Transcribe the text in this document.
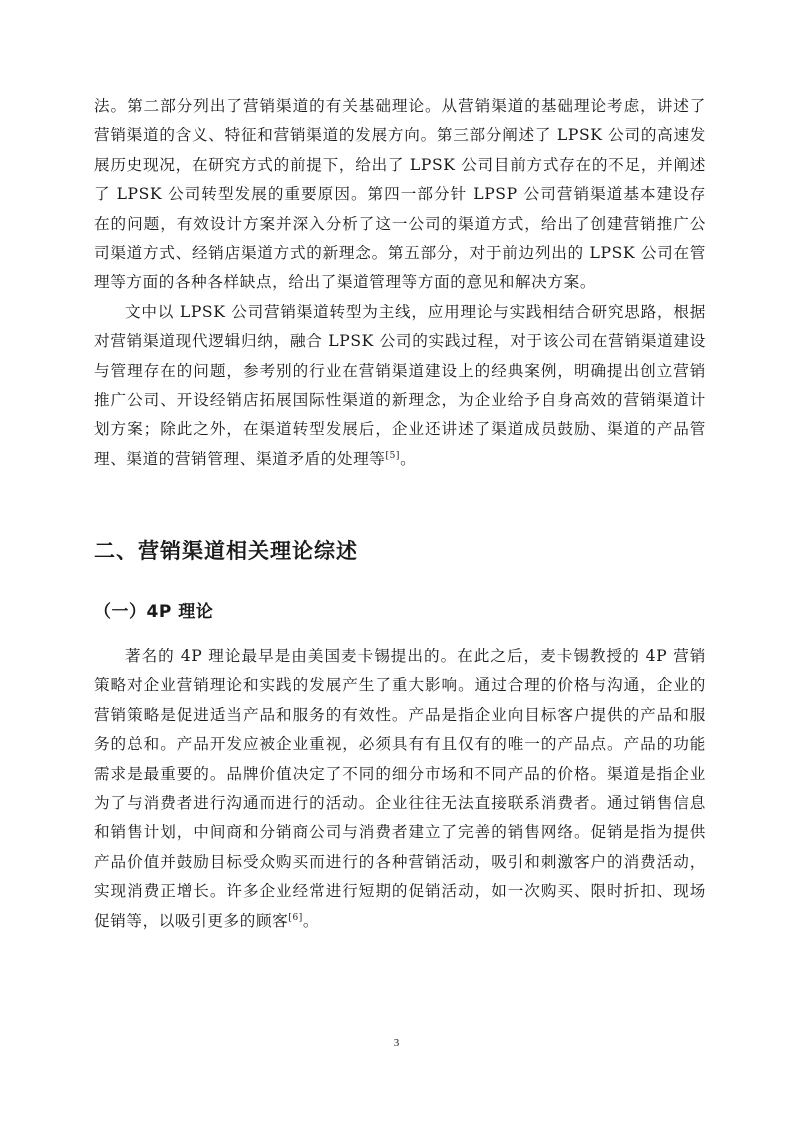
法。第二部分列出了营销渠道的有关基础理论。从营销渠道的基础理论考虑，讲述了营销渠道的含义、特征和营销渠道的发展方向。第三部分阐述了 LPSK 公司的高速发展历史现况，在研究方式的前提下，给出了 LPSK 公司目前方式存在的不足，并阐述了 LPSK 公司转型发展的重要原因。第四一部分针 LPSP 公司营销渠道基本建设存在的问题，有效设计方案并深入分析了这一公司的渠道方式，给出了创建营销推广公司渠道方式、经销店渠道方式的新理念。第五部分，对于前边列出的 LPSK 公司在管理等方面的各种各样缺点，给出了渠道管理等方面的意见和解决方案。

文中以 LPSK 公司营销渠道转型为主线，应用理论与实践相结合研究思路，根据对营销渠道现代逻辑归纳，融合 LPSK 公司的实践过程，对于该公司在营销渠道建设与管理存在的问题，参考别的行业在营销渠道建设上的经典案例，明确提出创立营销推广公司、开设经销店拓展国际性渠道的新理念，为企业给予自身高效的营销渠道计划方案；除此之外，在渠道转型发展后，企业还讲述了渠道成员鼓励、渠道的产品管理、渠道的营销管理、渠道矛盾的处理等[5]。

二、营销渠道相关理论综述
（一）4P 理论

著名的 4P 理论最早是由美国麦卡锡提出的。在此之后，麦卡锡教授的 4P 营销策略对企业营销理论和实践的发展产生了重大影响。通过合理的价格与沟通，企业的营销策略是促进适当产品和服务的有效性。产品是指企业向目标客户提供的产品和服务的总和。产品开发应被企业重视，必须具有有且仅有的唯一的产品点。产品的功能需求是最重要的。品牌价值决定了不同的细分市场和不同产品的价格。渠道是指企业为了与消费者进行沟通而进行的活动。企业往往无法直接联系消费者。通过销售信息和销售计划，中间商和分销商公司与消费者建立了完善的销售网络。促销是指为提供产品价值并鼓励目标受众购买而进行的各种营销活动，吸引和刺激客户的消费活动，实现消费正增长。许多企业经常进行短期的促销活动，如一次购买、限时折扣、现场促销等，以吸引更多的顾客[6]。

3
